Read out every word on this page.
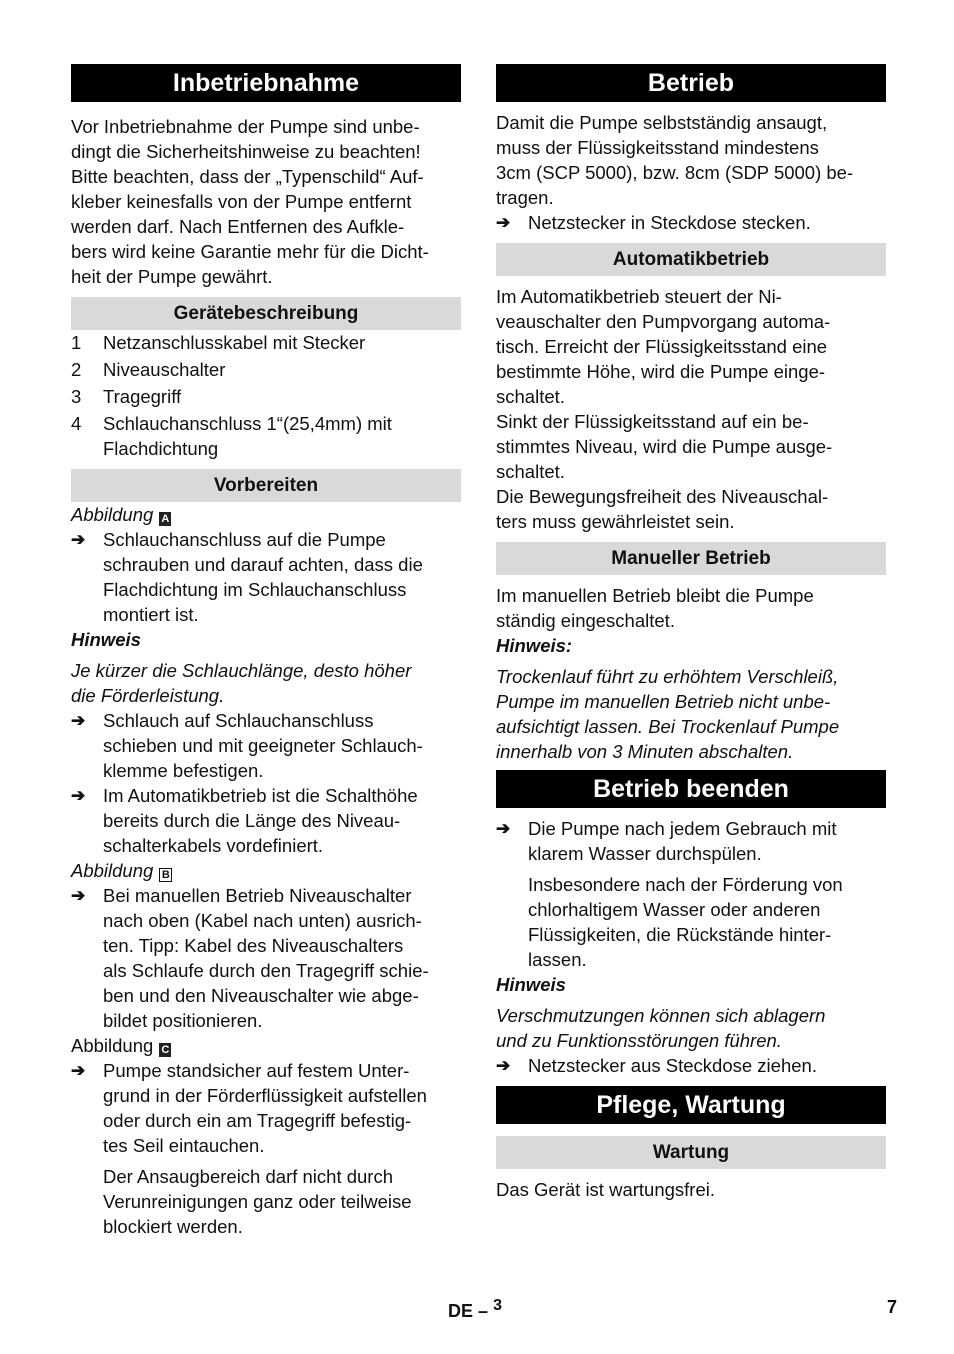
Inbetriebnahme
Vor Inbetriebnahme der Pumpe sind unbe-
dingt die Sicherheitshinweise zu beachten!
Bitte beachten, dass der „Typenschild“ Auf-
kleber keinesfalls von der Pumpe entfernt
werden darf. Nach Entfernen des Aufkle-
bers wird keine Garantie mehr für die Dicht-
heit der Pumpe gewährt.
Gerätebeschreibung
1	Netzanschlusskabel mit Stecker
2	Niveauschalter
3	Tragegriff
4	Schlauchanschluss 1“(25,4mm) mit
Flachdichtung
Vorbereiten

Abbildung A

➔ Schlauchanschluss auf die Pumpe
schrauben und darauf achten, dass die
Flachdichtung im Schlauchanschluss
montiert ist.

Hinweis

Je kürzer die Schlauchlänge, desto höher
die Förderleistung.
➔ Schlauch auf Schlauchanschluss
schieben und mit geeigneter Schlauch-
klemme befestigen.
➔ Im Automatikbetrieb ist die Schalthöhe
bereits durch die Länge des Niveau-
schalterkabels vordefiniert.

Abbildung B

➔ Bei manuellen Betrieb Niveauschalter
nach oben (Kabel nach unten) ausrich-
ten. Tipp: Kabel des Niveauschalters
als Schlaufe durch den Tragegriff schie-
ben und den Niveauschalter wie abge-
bildet positionieren.

Abbildung C

➔ Pumpe standsicher auf festem Unter-
grund in der Förderflüssigkeit aufstellen
oder durch ein am Tragegriff befestig-
tes Seil eintauchen.
Der Ansaugbereich darf nicht durch
Verunreinigungen ganz oder teilweise
blockiert werden.
Betrieb
Damit die Pumpe selbstständig ansaugt,
muss der Flüssigkeitsstand mindestens
3cm (SCP 5000), bzw. 8cm (SDP 5000) be-
tragen.
➔ Netzstecker in Steckdose stecken.
Automatikbetrieb
Im Automatikbetrieb steuert der Ni-
veauschalter den Pumpvorgang automa-
tisch. Erreicht der Flüssigkeitsstand eine
bestimmte Höhe, wird die Pumpe einge-
schaltet.
Sinkt der Flüssigkeitsstand auf ein be-
stimmtes Niveau, wird die Pumpe ausge-
schaltet.
Die Bewegungsfreiheit des Niveauschal-
ters muss gewährleistet sein.
Manueller Betrieb
Im manuellen Betrieb bleibt die Pumpe
ständig eingeschaltet.

Hinweis:

Trockenlauf führt zu erhöhtem Verschleiß,
Pumpe im manuellen Betrieb nicht unbe-
aufsichtigt lassen. Bei Trockenlauf Pumpe
innerhalb von 3 Minuten abschalten.
Betrieb beenden
➔ Die Pumpe nach jedem Gebrauch mit
klarem Wasser durchspülen.
Insbesondere nach der Förderung von
chlorhaltigem Wasser oder anderen
Flüssigkeiten, die Rückstände hinter-
lassen.

Hinweis

Verschmutzungen können sich ablagern
und zu Funktionsstörungen führen.
➔ Netzstecker aus Steckdose ziehen.
Pflege, Wartung
Wartung

Das Gerät ist wartungsfrei.

DE – $^3$	7
